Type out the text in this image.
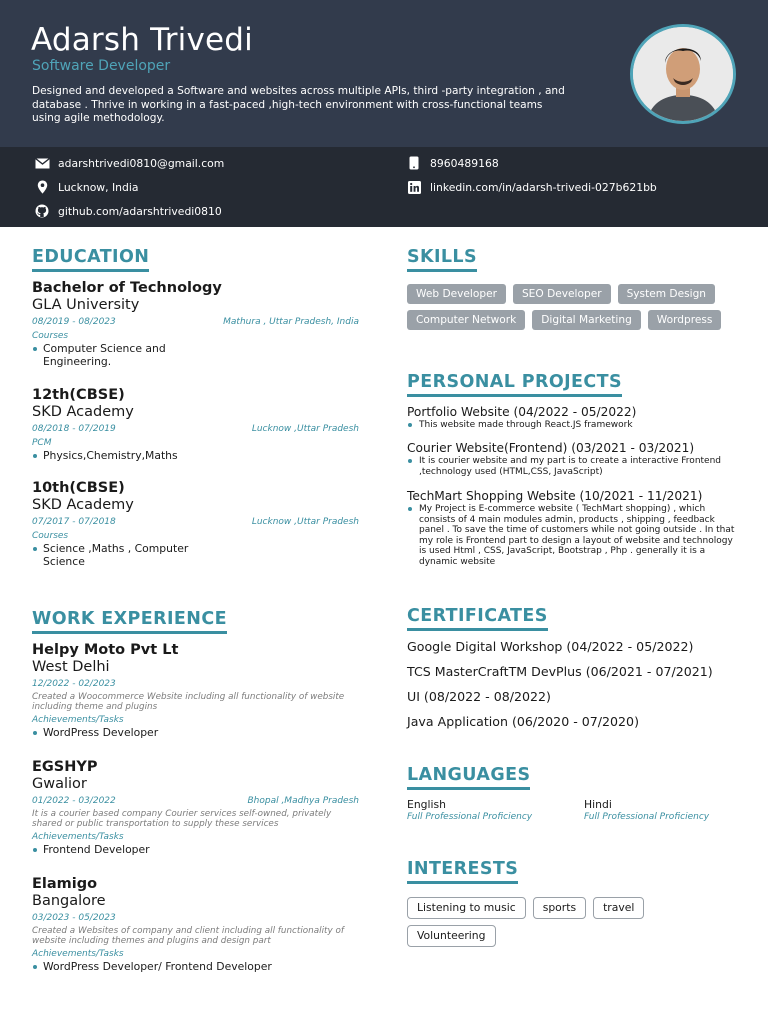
Adarsh Trivedi
Software Developer
Designed and developed a Software and websites across multiple APIs, third -party integration , and database . Thrive in working in a fast-paced ,high-tech environment with cross-functional teams using agile methodology.
adarshtrivedi0810@gmail.com	8960489168
Lucknow, India	linkedin.com/in/adarsh-trivedi-027b621bb
github.com/adarshtrivedi0810
EDUCATION
Bachelor of Technology
GLA University
08/2019 - 08/2023	Mathura , Uttar Pradesh, India
Courses
Computer Science and Engineering.
12th(CBSE)
SKD Academy
08/2018 - 07/2019	Lucknow ,Uttar Pradesh
PCM
Physics,Chemistry,Maths
10th(CBSE)
SKD Academy
07/2017 - 07/2018	Lucknow ,Uttar Pradesh
Courses
Science ,Maths , Computer Science
WORK EXPERIENCE
Helpy Moto Pvt Lt
West Delhi
12/2022 - 02/2023
Created a Woocommerce Website including all functionality of website including theme and plugins
Achievements/Tasks
WordPress Developer
EGSHYP
Gwalior
01/2022 - 03/2022	Bhopal ,Madhya Pradesh
It is a courier based company Courier services self-owned, privately shared or public transportation to supply these services
Achievements/Tasks
Frontend Developer
Elamigo
Bangalore
03/2023 - 05/2023
Created a Websites of company and client including all functionality of website including themes and plugins and design part
Achievements/Tasks
WordPress Developer/ Frontend Developer
SKILLS
Web Developer	SEO Developer	System Design
Computer Network	Digital Marketing	Wordpress
PERSONAL PROJECTS
Portfolio Website (04/2022 - 05/2022)
This website made through React.JS framework
Courier Website(Frontend) (03/2021 - 03/2021)
It is courier website and my part is to create a interactive Frontend ,technology used (HTML,CSS, JavaScript)
TechMart Shopping Website (10/2021 - 11/2021)
My Project is E-commerce website ( TechMart shopping) , which consists of 4 main modules admin, products , shipping , feedback panel . To save the time of customers while not going outside . In that my role is Frontend part to design a layout of website and technology is used Html , CSS, JavaScript, Bootstrap , Php . generally it is a dynamic website
CERTIFICATES
Google Digital Workshop (04/2022 - 05/2022)
TCS MasterCraftTM DevPlus (06/2021 - 07/2021)
UI (08/2022 - 08/2022)
Java Application (06/2020 - 07/2020)
LANGUAGES
English
Full Professional Proficiency
Hindi
Full Professional Proficiency
INTERESTS
Listening to music	sports	travel
Volunteering
